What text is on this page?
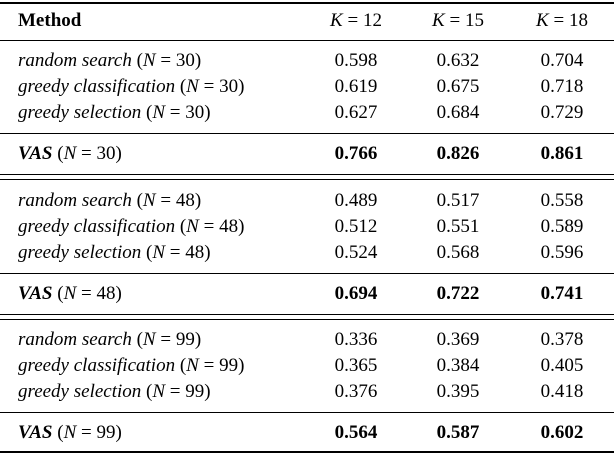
Method	K = 12	K = 15	K = 18
random search (N = 30)	0.598	0.632	0.704
greedy classification (N = 30)	0.619	0.675	0.718
greedy selection (N = 30)	0.627	0.684	0.729
VAS (N = 30)	0.766	0.826	0.861
random search (N = 48)	0.489	0.517	0.558
greedy classification (N = 48)	0.512	0.551	0.589
greedy selection (N = 48)	0.524	0.568	0.596
VAS (N = 48)	0.694	0.722	0.741
random search (N = 99)	0.336	0.369	0.378
greedy classification (N = 99)	0.365	0.384	0.405
greedy selection (N = 99)	0.376	0.395	0.418
VAS (N = 99)	0.564	0.587	0.602
